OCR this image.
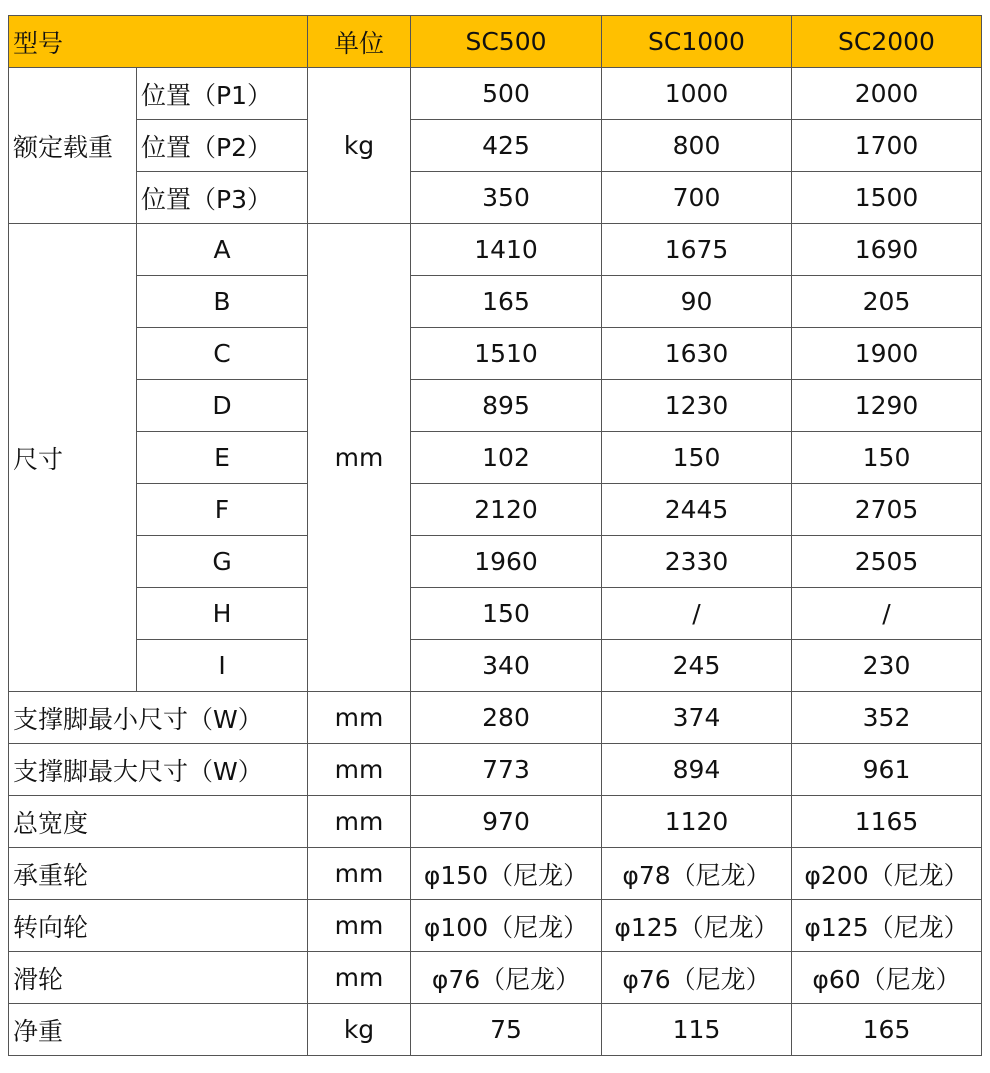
型号		单位	SC500	SC1000	SC2000
额定载重	位置（P1）	kg	500	1000	2000
	位置（P2）		425	800	1700
	位置（P3）		350	700	1500
尺寸	A	mm	1410	1675	1690
	B		165	90	205
	C		1510	1630	1900
	D		895	1230	1290
	E		102	150	150
	F		2120	2445	2705
	G		1960	2330	2505
	H		150	/	/
	I		340	245	230
支撑脚最小尺寸（W）		mm	280	374	352
支撑脚最大尺寸（W）		mm	773	894	961
总宽度		mm	970	1120	1165
承重轮		mm	φ150（尼龙）	φ78（尼龙）	φ200（尼龙）
转向轮		mm	φ100（尼龙）	φ125（尼龙）	φ125（尼龙）
滑轮		mm	φ76（尼龙）	φ76（尼龙）	φ60（尼龙）
净重		kg	75	115	165
